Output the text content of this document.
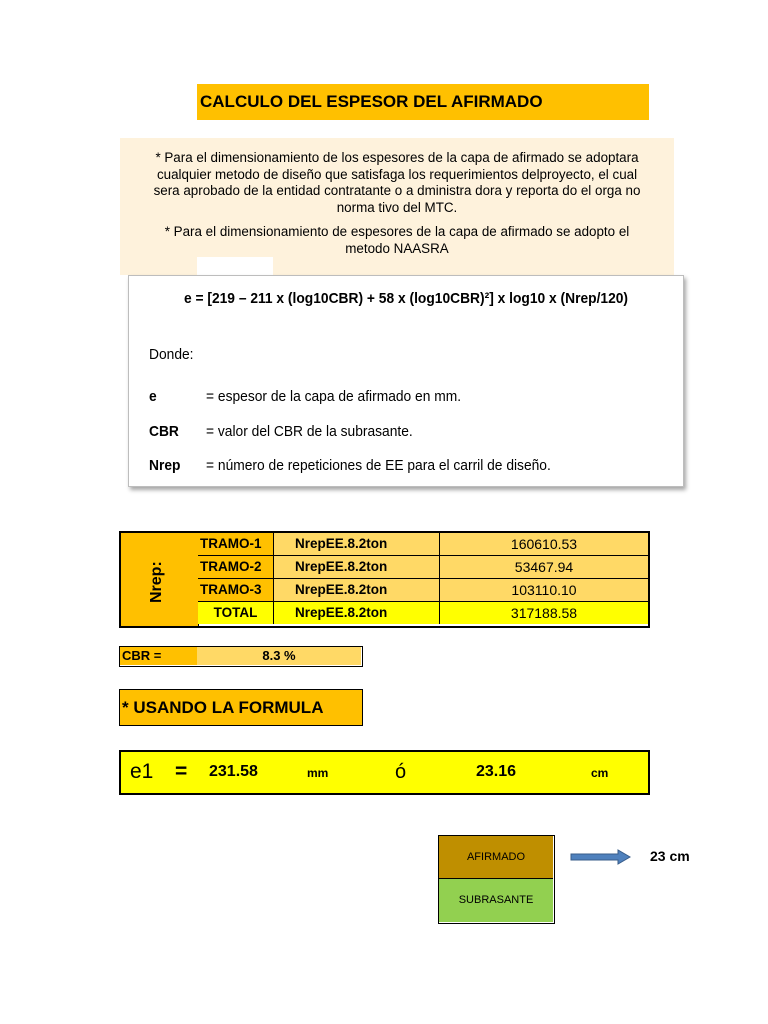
CALCULO DEL ESPESOR DEL AFIRMADO
* Para el dimensionamiento de los espesores de la capa de afirmado se adoptara
cualquier metodo de diseño que satisfaga los requerimientos delproyecto, el cual
sera aprobado de la entidad contratante o a dministra dora y reporta do el orga no
norma tivo del MTC.
* Para el dimensionamiento de espesores de la capa de afirmado se adopto el
metodo NAASRA
e = [219 – 211 x (log10CBR) + 58 x (log10CBR)²] x log10 x (Nrep/120)
Donde:
e	= espesor de la capa de afirmado en mm.
CBR = valor del CBR de la subrasante.
Nrep = número de repeticiones de EE para el carril de diseño.
Nrep:
TRAMO-1	NrepEE.8.2ton	160610.53
TRAMO-2	NrepEE.8.2ton	53467.94
TRAMO-3	NrepEE.8.2ton	103110.10
TOTAL	NrepEE.8.2ton	317188.58
CBR =	8.3 %
* USANDO LA FORMULA
e1 = 231.58	mm	ó	23.16	cm
AFIRMADO
SUBRASANTE
23 cm
